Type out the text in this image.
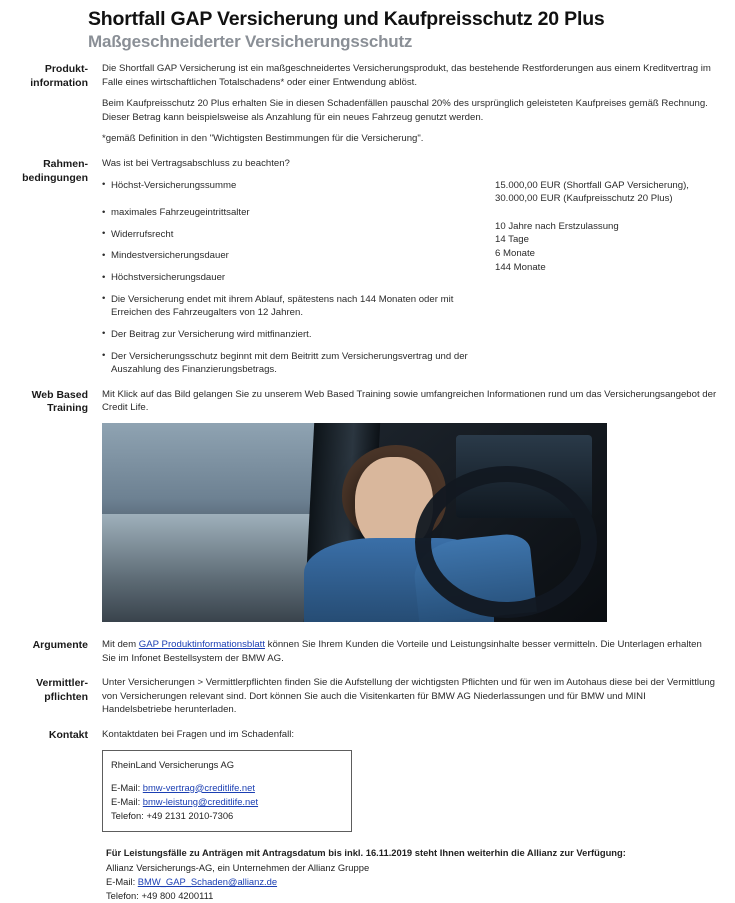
Shortfall GAP Versicherung und Kaufpreisschutz 20 Plus
Maßgeschneiderter Versicherungsschutz
Produkt-
information

Die Shortfall GAP Versicherung ist ein maßgeschneidertes Versicherungsprodukt, das bestehende Restforderungen aus einem Kreditvertrag im Falle eines wirtschaftlichen Totalschadens* oder einer Entwendung ablöst.

Beim Kaufpreisschutz 20 Plus erhalten Sie in diesen Schadenfällen pauschal 20% des ursprünglich geleisteten Kaufpreises gemäß Rechnung. Dieser Betrag kann beispielsweise als Anzahlung für ein neues Fahrzeug genutzt werden.

*gemäß Definition in den "Wichtigsten Bestimmungen für die Versicherung".

Rahmen-
bedingungen

Was ist bei Vertragsabschluss zu beachten?

• Höchst-Versicherungssumme

• maximales Fahrzeugeintrittsalter

• Widerrufsrecht

• Mindestversicherungsdauer

• Höchstversicherungsdauer

• Die Versicherung endet mit ihrem Ablauf, spätestens nach 144 Monaten oder mit Erreichen des Fahrzeugalters von 12 Jahren.

• Der Beitrag zur Versicherung wird mitfinanziert.

• Der Versicherungsschutz beginnt mit dem Beitritt zum Versicherungsvertrag und der Auszahlung des Finanzierungsbetrags.

15.000,00 EUR (Shortfall GAP Versicherung),
30.000,00 EUR (Kaufpreisschutz 20 Plus)
10 Jahre nach Erstzulassung
14 Tage
6 Monate
144 Monate
Web Based
Training

Mit Klick auf das Bild gelangen Sie zu unserem Web Based Training sowie umfangreichen Informationen rund um das Versicherungsangebot der Credit Life.

Argumente Mit dem GAP Produktinformationsblatt können Sie Ihrem Kunden die Vorteile und Leistungsinhalte besser vermitteln. Die Unterlagen erhalten Sie im Infonet Bestellsystem der BMW AG.

Vermittler-
pflichten

Unter Versicherungen > Vermittlerpflichten finden Sie die Aufstellung der wichtigsten Pflichten und für wen im Autohaus diese bei der Vermittlung von Versicherungen relevant sind. Dort können Sie auch die Visitenkarten für BMW AG Niederlassungen und für BMW und MINI Handelsbetriebe herunterladen.

Kontakt Kontaktdaten bei Fragen und im Schadenfall:

RheinLand Versicherungs AG
E-Mail: bmw-vertrag@creditlife.net
E-Mail: bmw-leistung@creditlife.net
Telefon: +49 2131 2010-7306
Für Leistungsfälle zu Anträgen mit Antragsdatum bis inkl. 16.11.2019 steht Ihnen weiterhin die Allianz zur Verfügung:
Allianz Versicherungs-AG, ein Unternehmen der Allianz Gruppe
E-Mail: BMW_GAP_Schaden@allianz.de
Telefon: +49 800 4200111
